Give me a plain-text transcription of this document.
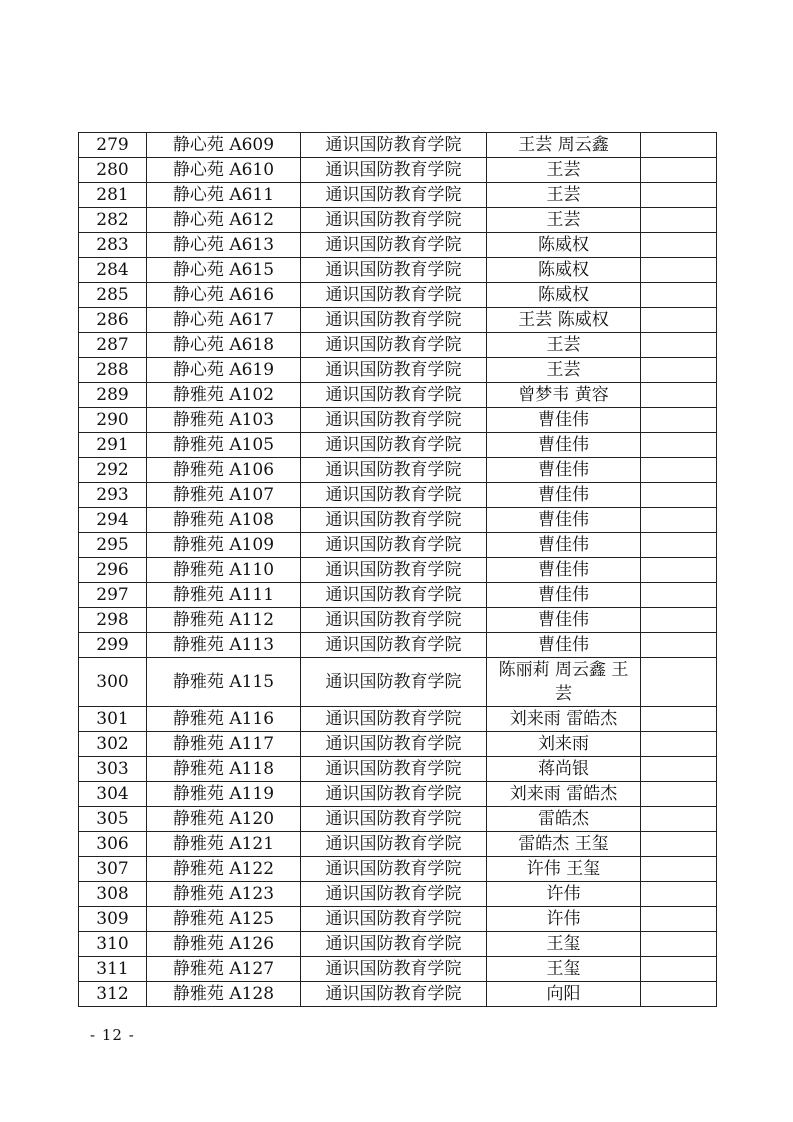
279	静心苑 A609	通识国防教育学院	王芸 周云鑫	
280	静心苑 A610	通识国防教育学院	王芸	
281	静心苑 A611	通识国防教育学院	王芸	
282	静心苑 A612	通识国防教育学院	王芸	
283	静心苑 A613	通识国防教育学院	陈威权	
284	静心苑 A615	通识国防教育学院	陈威权	
285	静心苑 A616	通识国防教育学院	陈威权	
286	静心苑 A617	通识国防教育学院	王芸 陈威权	
287	静心苑 A618	通识国防教育学院	王芸	
288	静心苑 A619	通识国防教育学院	王芸	
289	静雅苑 A102	通识国防教育学院	曾梦韦 黄容	
290	静雅苑 A103	通识国防教育学院	曹佳伟	
291	静雅苑 A105	通识国防教育学院	曹佳伟	
292	静雅苑 A106	通识国防教育学院	曹佳伟	
293	静雅苑 A107	通识国防教育学院	曹佳伟	
294	静雅苑 A108	通识国防教育学院	曹佳伟	
295	静雅苑 A109	通识国防教育学院	曹佳伟	
296	静雅苑 A110	通识国防教育学院	曹佳伟	
297	静雅苑 A111	通识国防教育学院	曹佳伟	
298	静雅苑 A112	通识国防教育学院	曹佳伟	
299	静雅苑 A113	通识国防教育学院	曹佳伟	
300	静雅苑 A115	通识国防教育学院	陈丽莉 周云鑫 王芸	
301	静雅苑 A116	通识国防教育学院	刘来雨 雷皓杰	
302	静雅苑 A117	通识国防教育学院	刘来雨	
303	静雅苑 A118	通识国防教育学院	蒋尚银	
304	静雅苑 A119	通识国防教育学院	刘来雨 雷皓杰	
305	静雅苑 A120	通识国防教育学院	雷皓杰	
306	静雅苑 A121	通识国防教育学院	雷皓杰 王玺	
307	静雅苑 A122	通识国防教育学院	许伟 王玺	
308	静雅苑 A123	通识国防教育学院	许伟	
309	静雅苑 A125	通识国防教育学院	许伟	
310	静雅苑 A126	通识国防教育学院	王玺	
311	静雅苑 A127	通识国防教育学院	王玺	
312	静雅苑 A128	通识国防教育学院	向阳	
- 12 -
